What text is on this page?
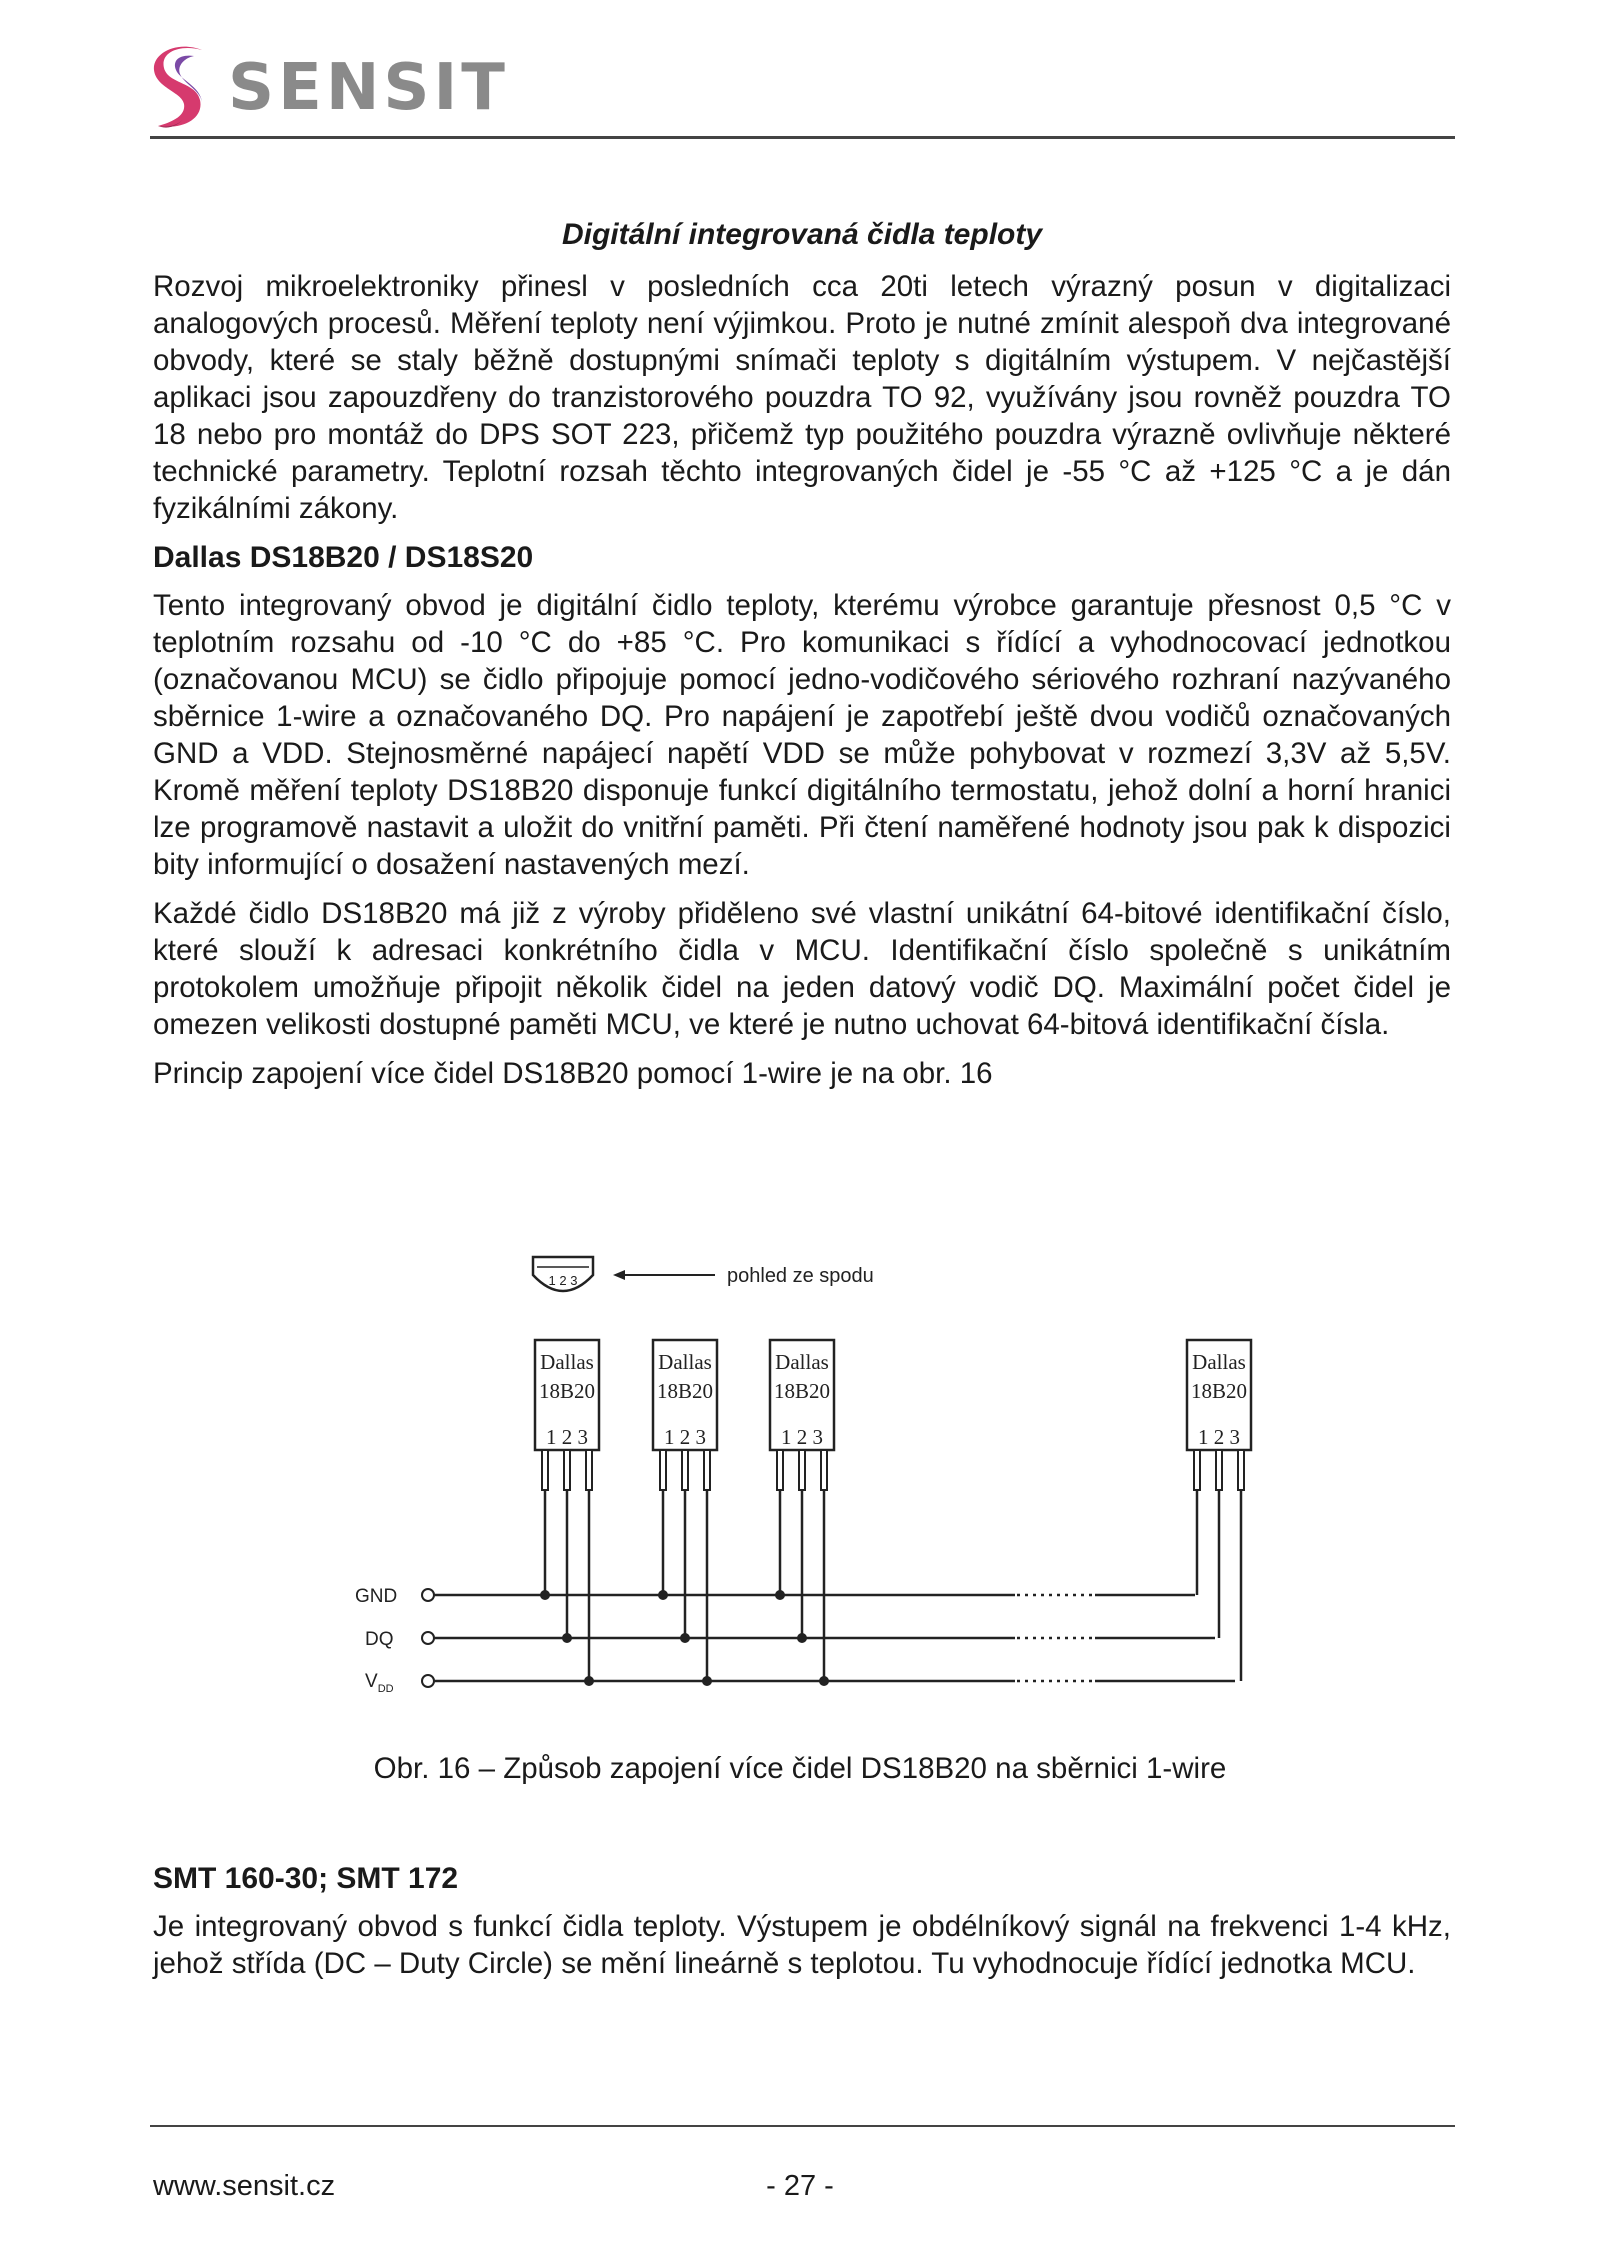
SENSIT

Digitální integrovaná čidla teploty

Rozvoj mikroelektroniky přinesl v posledních cca 20ti letech výrazný posun v digitalizaci analogových procesů. Měření teploty není výjimkou. Proto je nutné zmínit alespoň dva integrované obvody, které se staly běžně dostupnými snímači teploty s digitálním výstupem. V nejčastější aplikaci jsou zapouzdřeny do tranzistorového pouzdra TO 92, využívány jsou rovněž pouzdra TO 18 nebo pro montáž do DPS SOT 223, přičemž typ použitého pouzdra výrazně ovlivňuje některé technické parametry. Teplotní rozsah těchto integrovaných čidel je -55 °C až +125 °C a je dán fyzikálními zákony.

Dallas DS18B20 / DS18S20

Tento integrovaný obvod je digitální čidlo teploty, kterému výrobce garantuje přesnost 0,5 °C v teplotním rozsahu od -10 °C do +85 °C. Pro komunikaci s řídící a vyhodnocovací jednotkou (označovanou MCU) se čidlo připojuje pomocí jedno-vodičového sériového rozhraní nazývaného sběrnice 1-wire a označovaného DQ. Pro napájení je zapotřebí ještě dvou vodičů označovaných GND a VDD. Stejnosměrné napájecí napětí VDD se může pohybovat v rozmezí 3,3V až 5,5V. Kromě měření teploty DS18B20 disponuje funkcí digitálního termostatu, jehož dolní a horní hranici lze programově nastavit a uložit do vnitřní paměti. Při čtení naměřené hodnoty jsou pak k dispozici bity informující o dosažení nastavených mezí.

Každé čidlo DS18B20 má již z výroby přiděleno své vlastní unikátní 64-bitové identifikační číslo, které slouží k adresaci konkrétního čidla v MCU. Identifikační číslo společně s unikátním protokolem umožňuje připojit několik čidel na jeden datový vodič DQ. Maximální počet čidel je omezen velikosti dostupné paměti MCU, ve které je nutno uchovat 64-bitová identifikační čísla.

Princip zapojení více čidel DS18B20 pomocí 1-wire je na obr. 16

1 2 3	pohled ze spodu
Dallas
18B20
1 2 3
Dallas
18B20
1 2 3
Dallas
18B20
1 2 3
Dallas
18B20
1 2 3
GND
DQ
$V_{DD}$
Obr. 16 – Způsob zapojení více čidel DS18B20 na sběrnici 1-wire

SMT 160-30; SMT 172

Je integrovaný obvod s funkcí čidla teploty. Výstupem je obdélníkový signál na frekvenci 1-4 kHz, jehož střída (DC – Duty Circle) se mění lineárně s teplotou. Tu vyhodnocuje řídící jednotka MCU.

www.sensit.cz	- 27 -
